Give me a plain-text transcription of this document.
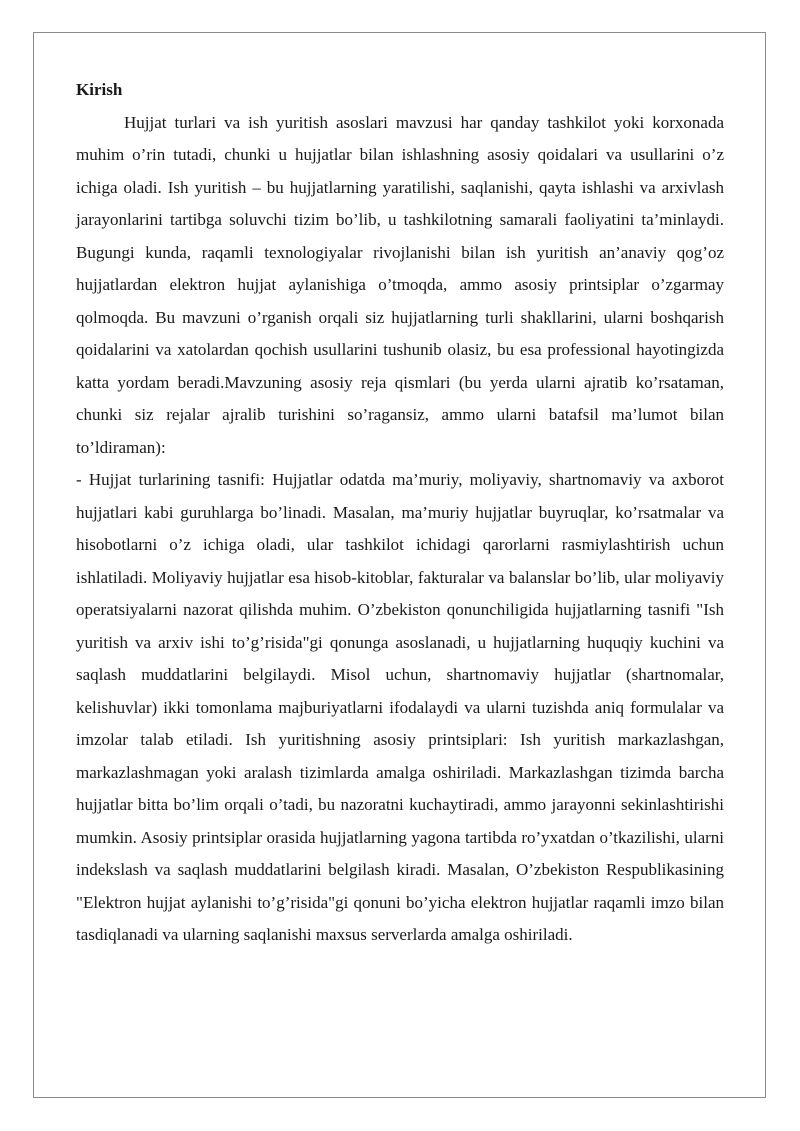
Kirish

Hujjat turlari va ish yuritish asoslari mavzusi har qanday tashkilot yoki korxonada muhim o’rin tutadi, chunki u hujjatlar bilan ishlashning asosiy qoidalari va usullarini o’z ichiga oladi. Ish yuritish – bu hujjatlarning yaratilishi, saqlanishi, qayta ishlashi va arxivlash jarayonlarini tartibga soluvchi tizim bo’lib, u tashkilotning samarali faoliyatini ta’minlaydi. Bugungi kunda, raqamli texnologiyalar rivojlanishi bilan ish yuritish an’anaviy qog’oz hujjatlardan elektron hujjat aylanishiga o’tmoqda, ammo asosiy printsiplar o’zgarmay qolmoqda. Bu mavzuni o’rganish orqali siz hujjatlarning turli shakllarini, ularni boshqarish qoidalarini va xatolardan qochish usullarini tushunib olasiz, bu esa professional hayotingizda katta yordam beradi.Mavzuning asosiy reja qismlari (bu yerda ularni ajratib ko’rsataman, chunki siz rejalar ajralib turishini so’ragansiz, ammo ularni batafsil ma’lumot bilan to’ldiraman):

- Hujjat turlarining tasnifi: Hujjatlar odatda ma’muriy, moliyaviy, shartnomaviy va axborot hujjatlari kabi guruhlarga bo’linadi. Masalan, ma’muriy hujjatlar buyruqlar, ko’rsatmalar va hisobotlarni o’z ichiga oladi, ular tashkilot ichidagi qarorlarni rasmiylashtirish uchun ishlatiladi. Moliyaviy hujjatlar esa hisob-kitoblar, fakturalar va balanslar bo’lib, ular moliyaviy operatsiyalarni nazorat qilishda muhim. O’zbekiston qonunchiligida hujjatlarning tasnifi "Ish yuritish va arxiv ishi to’g’risida"gi qonunga asoslanadi, u hujjatlarning huquqiy kuchini va saqlash muddatlarini belgilaydi. Misol uchun, shartnomaviy hujjatlar (shartnomalar, kelishuvlar) ikki tomonlama majburiyatlarni ifodalaydi va ularni tuzishda aniq formulalar va imzolar talab etiladi. Ish yuritishning asosiy printsiplari: Ish yuritish markazlashgan, markazlashmagan yoki aralash tizimlarda amalga oshiriladi. Markazlashgan tizimda barcha hujjatlar bitta bo’lim orqali o’tadi, bu nazoratni kuchaytiradi, ammo jarayonni sekinlashtirishi mumkin. Asosiy printsiplar orasida hujjatlarning yagona tartibda ro’yxatdan o’tkazilishi, ularni indekslash va saqlash muddatlarini belgilash kiradi. Masalan, O’zbekiston Respublikasining "Elektron hujjat aylanishi to’g’risida"gi qonuni bo’yicha elektron hujjatlar raqamli imzo bilan tasdiqlanadi va ularning saqlanishi maxsus serverlarda amalga oshiriladi.
